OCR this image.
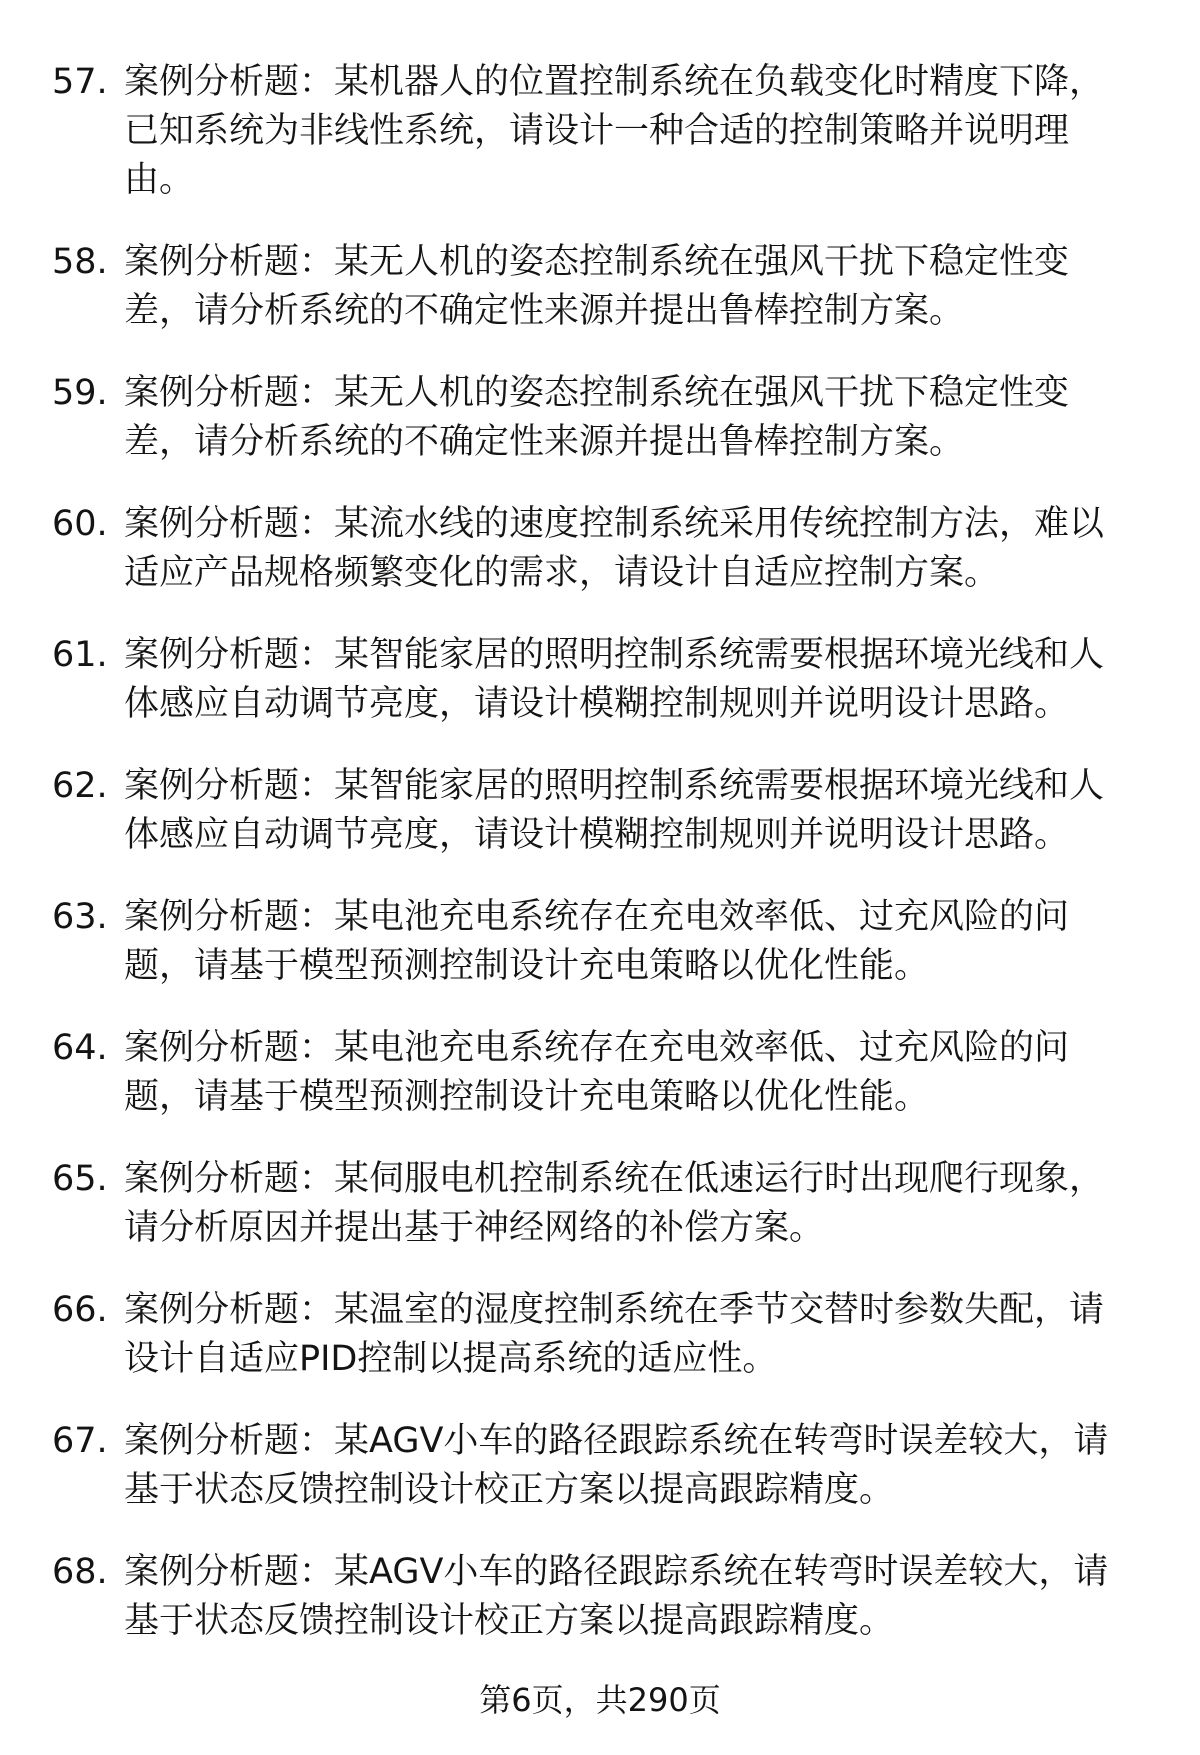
57. 案例分析题：某机器人的位置控制系统在负载变化时精度下降，已知系统为非线性系统，请设计一种合适的控制策略并说明理由。
58. 案例分析题：某无人机的姿态控制系统在强风干扰下稳定性变差，请分析系统的不确定性来源并提出鲁棒控制方案。
59. 案例分析题：某无人机的姿态控制系统在强风干扰下稳定性变差，请分析系统的不确定性来源并提出鲁棒控制方案。
60. 案例分析题：某流水线的速度控制系统采用传统控制方法，难以适应产品规格频繁变化的需求，请设计自适应控制方案。
61. 案例分析题：某智能家居的照明控制系统需要根据环境光线和人体感应自动调节亮度，请设计模糊控制规则并说明设计思路。
62. 案例分析题：某智能家居的照明控制系统需要根据环境光线和人体感应自动调节亮度，请设计模糊控制规则并说明设计思路。
63. 案例分析题：某电池充电系统存在充电效率低、过充风险的问题，请基于模型预测控制设计充电策略以优化性能。
64. 案例分析题：某电池充电系统存在充电效率低、过充风险的问题，请基于模型预测控制设计充电策略以优化性能。
65. 案例分析题：某伺服电机控制系统在低速运行时出现爬行现象，请分析原因并提出基于神经网络的补偿方案。
66. 案例分析题：某温室的湿度控制系统在季节交替时参数失配，请设计自适应PID控制以提高系统的适应性。
67. 案例分析题：某AGV小车的路径跟踪系统在转弯时误差较大，请基于状态反馈控制设计校正方案以提高跟踪精度。
68. 案例分析题：某AGV小车的路径跟踪系统在转弯时误差较大，请基于状态反馈控制设计校正方案以提高跟踪精度。
第6页，共290页
